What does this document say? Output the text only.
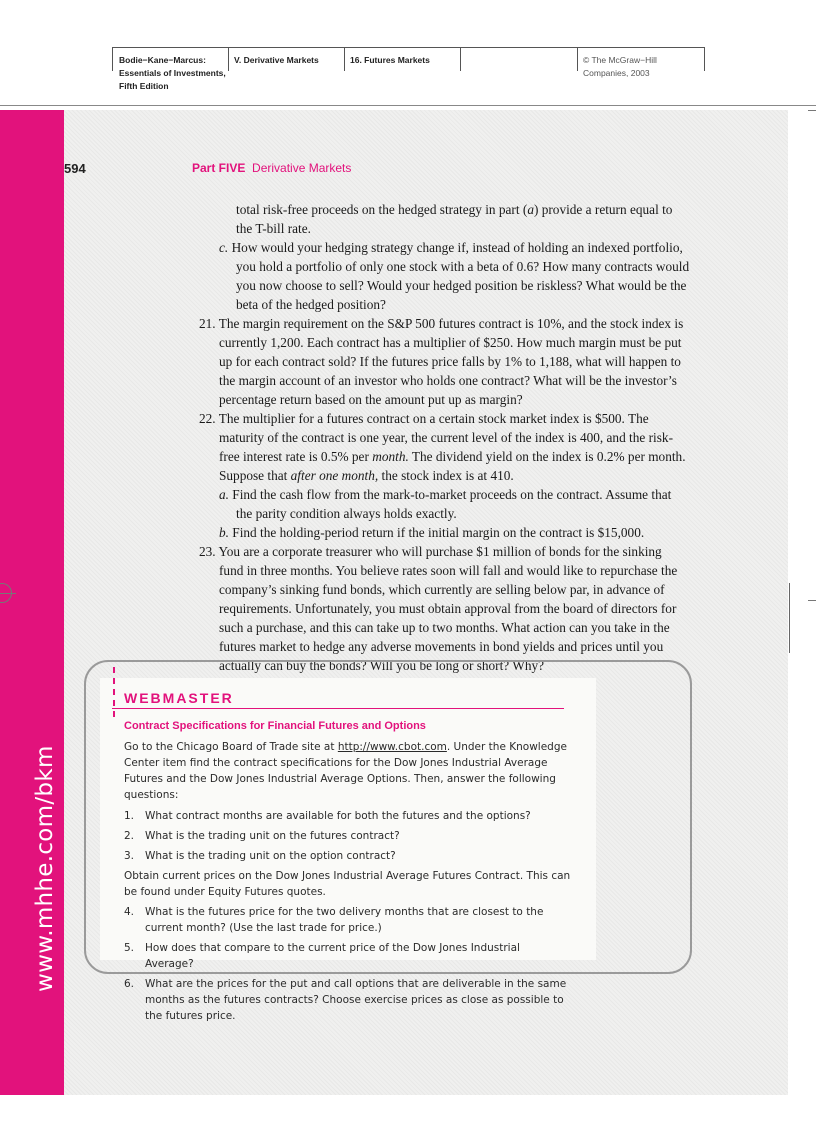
Bodie−Kane−Marcus:
Essentials of Investments,
Fifth Edition
V. Derivative Markets	16. Futures Markets	© The McGraw−Hill
Companies, 2003
www.mhhe.com/bkm
594	Part FIVE Derivative Markets
total risk-free proceeds on the hedged strategy in part (a) provide a return equal to
the T-bill rate.
c. How would your hedging strategy change if, instead of holding an indexed portfolio,
you hold a portfolio of only one stock with a beta of 0.6? How many contracts would
you now choose to sell? Would your hedged position be riskless? What would be the
beta of the hedged position?
21. The margin requirement on the S&P 500 futures contract is 10%, and the stock index is
currently 1,200. Each contract has a multiplier of $250. How much margin must be put
up for each contract sold? If the futures price falls by 1% to 1,188, what will happen to
the margin account of an investor who holds one contract? What will be the investor’s
percentage return based on the amount put up as margin?
22. The multiplier for a futures contract on a certain stock market index is $500. The
maturity of the contract is one year, the current level of the index is 400, and the risk-
free interest rate is 0.5% per month. The dividend yield on the index is 0.2% per month.
Suppose that after one month, the stock index is at 410.
a. Find the cash flow from the mark-to-market proceeds on the contract. Assume that
the parity condition always holds exactly.
b. Find the holding-period return if the initial margin on the contract is $15,000.
23. You are a corporate treasurer who will purchase $1 million of bonds for the sinking
fund in three months. You believe rates soon will fall and would like to repurchase the
company’s sinking fund bonds, which currently are selling below par, in advance of
requirements. Unfortunately, you must obtain approval from the board of directors for
such a purchase, and this can take up to two months. What action can you take in the
futures market to hedge any adverse movements in bond yields and prices until you
actually can buy the bonds? Will you be long or short? Why?
WEBMASTER
Contract Specifications for Financial Futures and Options
Go to the Chicago Board of Trade site at http://www.cbot.com. Under the Knowledge
Center item find the contract specifications for the Dow Jones Industrial Average
Futures and the Dow Jones Industrial Average Options. Then, answer the following
questions:
1. What contract months are available for both the futures and the options?
2. What is the trading unit on the futures contract?
3. What is the trading unit on the option contract?
Obtain current prices on the Dow Jones Industrial Average Futures Contract. This can
be found under Equity Futures quotes.
4. What is the futures price for the two delivery months that are closest to the
current month? (Use the last trade for price.)
5. How does that compare to the current price of the Dow Jones Industrial
Average?
6. What are the prices for the put and call options that are deliverable in the same
months as the futures contracts? Choose exercise prices as close as possible to
the futures price.
